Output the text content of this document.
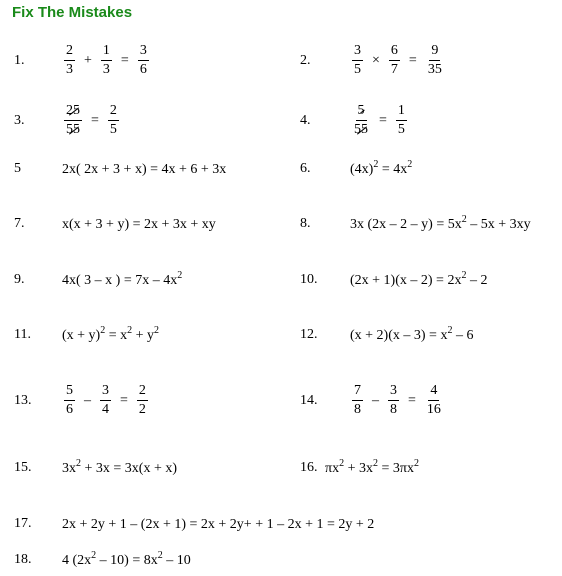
Fix The Mistakes
1.	$\frac{2}{3} + \frac{1}{3} = \frac{3}{6}$	2.	$\frac{3}{5} \times \frac{6}{7} = \frac{9}{35}$
3.	$\frac{25}{55} = \frac{2}{5}$	4.	$\frac{5}{55} = \frac{1}{5}$
5	2x( 2x + 3 + x) = 4x + 6 + 3x	6.	$(4x)^2 = 4x^2$
7.	x(x + 3 + y) = 2x + 3x + xy	8.	3x $(2x - 2 - y) = 5x^2 - 5x + 3xy$
9.	4x( 3 – x ) = $7x - 4x^2$	10. $(2x + 1)(x - 2) = 2x^2 - 2$
11. $(x + y)^2 = x^2 + y^2$	12. $(x + 2)(x - 3) = x^2 - 6$
13. $\frac{5}{6} - \frac{3}{4} = \frac{2}{2}$	14. $\frac{7}{8} - \frac{3}{8} = \frac{4}{16}$
15. $3x^2 + 3x = 3x(x + x)$	16. $\pi x^2 + 3x^2 = 3\pi x^2$
17. 2x + 2y + 1 – (2x + 1) = 2x + 2y+ + 1 – 2x + 1 = 2y + 2
18. 4 $(2x^2 - 10) = 8x^2 - 10$
